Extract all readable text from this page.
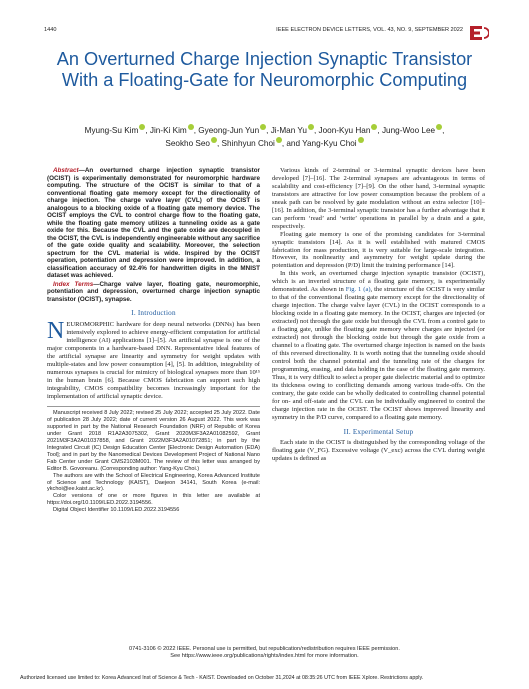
1440	IEEE ELECTRON DEVICE LETTERS, VOL. 43, NO. 9, SEPTEMBER 2022
An Overturned Charge Injection Synaptic Transistor With a Floating-Gate for Neuromorphic Computing
Myung-Su Kim , Jin-Ki Kim , Gyeong-Jun Yun , Ji-Man Yu , Joon-Kyu Han , Jung-Woo Lee ,
Seokho Seo , Shinhyun Choi , and Yang-Kyu Choi

Abstract—An overturned charge injection synaptic transistor (OCIST) is experimentally demonstrated for neuromorphic hardware computing. The structure of the OCIST is similar to that of a conventional floating gate memory except for the directionality of charge injection. The charge valve layer (CVL) of the OCIST is analogous to a blocking oxide of a floating gate memory device. The OCIST employs the CVL to control charge flow to the floating gate, while the floating gate memory utilizes a tunneling oxide as a gate oxide for this. Because the CVL and the gate oxide are decoupled in the OCIST, the CVL is independently engineerable without any sacrifice of the gate oxide quality and scalability. Moreover, the selection spectrum for the CVL material is wide. Inspired by the OCIST operation, potentiation and depression were improved. In addition, a classification accuracy of 92.4% for handwritten digits in the MNIST dataset was achieved.

Index Terms—Charge valve layer, floating gate, neuromorphic, potentiation and depression, overturned charge injection synaptic transistor (OCIST), synapse.

I. Introduction

NEUROMORPHIC hardware for deep neural networks (DNNs) has been intensively explored to achieve energy-efficient computation for artificial intelligence (AI) applications [1]–[5]. An artificial synapse is one of the major components in a hardware-based DNN. Representative ideal features of the artificial synapse are linearity and symmetry for weight updates with multiple-states and low power consumption [4], [5]. In addition, integrability of numerous synapses is crucial for mimicry of biological synapses more than 10¹⁵ in the human brain [6]. Because CMOS fabrication can support such high integrability, CMOS compatibility becomes increasingly important for the implementation of artificial synaptic device.

Manuscript received 8 July 2022; revised 25 July 2022; accepted 25 July 2022. Date of publication 28 July 2022; date of current version 26 August 2022. This work was supported in part by the National Research Foundation (NRF) of Republic of Korea under Grant 2018 R1A2A3075302, Grant 2020M3F3A2A01082592, Grant 2021M3F3A2A01037858, and Grant 2022M3F3A2A01072851; in part by the Integrated Circuit (IC) Design Education Center [Electronic Design Automation (EDA) Tool]; and in part by the Nanomedical Devices Development Project of National Nano Fab Center under Grant CMS2103M001. The review of this letter was arranged by Editor B. Govoreanu. (Corresponding author: Yang-Kyu Choi.)

The authors are with the School of Electrical Engineering, Korea Advanced Institute of Science and Technology (KAIST), Daejeon 34141, South Korea (e-mail: ykchoi@ee.kaist.ac.kr).

Color versions of one or more figures in this letter are available at https://doi.org/10.1109/LED.2022.3194556.

Digital Object Identifier 10.1109/LED.2022.3194556

Various kinds of 2-terminal or 3-terminal synaptic devices have been developed [7]–[16]. The 2-terminal synapses are advantageous in terms of scalability and cost-efficiency [7]–[9]. On the other hand, 3-terminal synaptic transistors are attractive for low power consumption because the problem of a sneak path can be resolved by gate modulation without an extra selector [10]–[16]. In addition, the 3-terminal synaptic transistor has a further advantage that it can perform ‘read’ and ‘write’ operations in parallel by a drain and a gate, respectively.

Floating gate memory is one of the promising candidates for 3-terminal synaptic transistors [14]. As it is well established with matured CMOS fabrication for mass production, it is very suitable for large-scale integration. However, its nonlinearity and asymmetry for weight update during the potentiation and depression (P/D) limit the training performance [14].

In this work, an overturned charge injection synaptic transistor (OCIST), which is an inverted structure of a floating gate memory, is experimentally demonstrated. As shown in Fig. 1 (a), the structure of the OCIST is very similar to that of the conventional floating gate memory except for the directionality of charge injection. The charge valve layer (CVL) in the OCIST corresponds to a blocking oxide in a floating gate memory. In the OCIST, charges are injected (or extracted) not through the gate oxide but through the CVL from a control gate to a floating gate, unlike the floating gate memory where charges are injected (or extracted) not through the blocking oxide but through the gate oxide from a channel to a floating gate. The overturned charge injection is named on the basis of this reversed directionality. It is worth noting that the tunneling oxide should control both the channel potential and the tunneling rate of the charges for programming, erasing, and data holding in the case of the floating gate memory. Thus, it is very difficult to select a proper gate dielectric material and to optimize its thickness owing to conflicting demands among various trade-offs. On the contrary, the gate oxide can be wholly dedicated to controlling channel potential for on- and off-state and the CVL can be individually engineered to control the charge injection rate in the OCIST. The OCIST shows improved linearity and symmetry in the P/D curve, compared to a floating gate memory.

II. Experimental Setup

Each state in the OCIST is distinguished by the corresponding voltage of the floating gate (V_FG). Excessive voltage (V_exc) across the CVL during weight updates is defined as

0741-3106 © 2022 IEEE. Personal use is permitted, but republication/redistribution requires IEEE permission.
See https://www.ieee.org/publications/rights/index.html for more information.
Authorized licensed use limited to: Korea Advanced Inst of Science & Tech - KAIST. Downloaded on October 31,2024 at 08:35:26 UTC from IEEE Xplore. Restrictions apply.
